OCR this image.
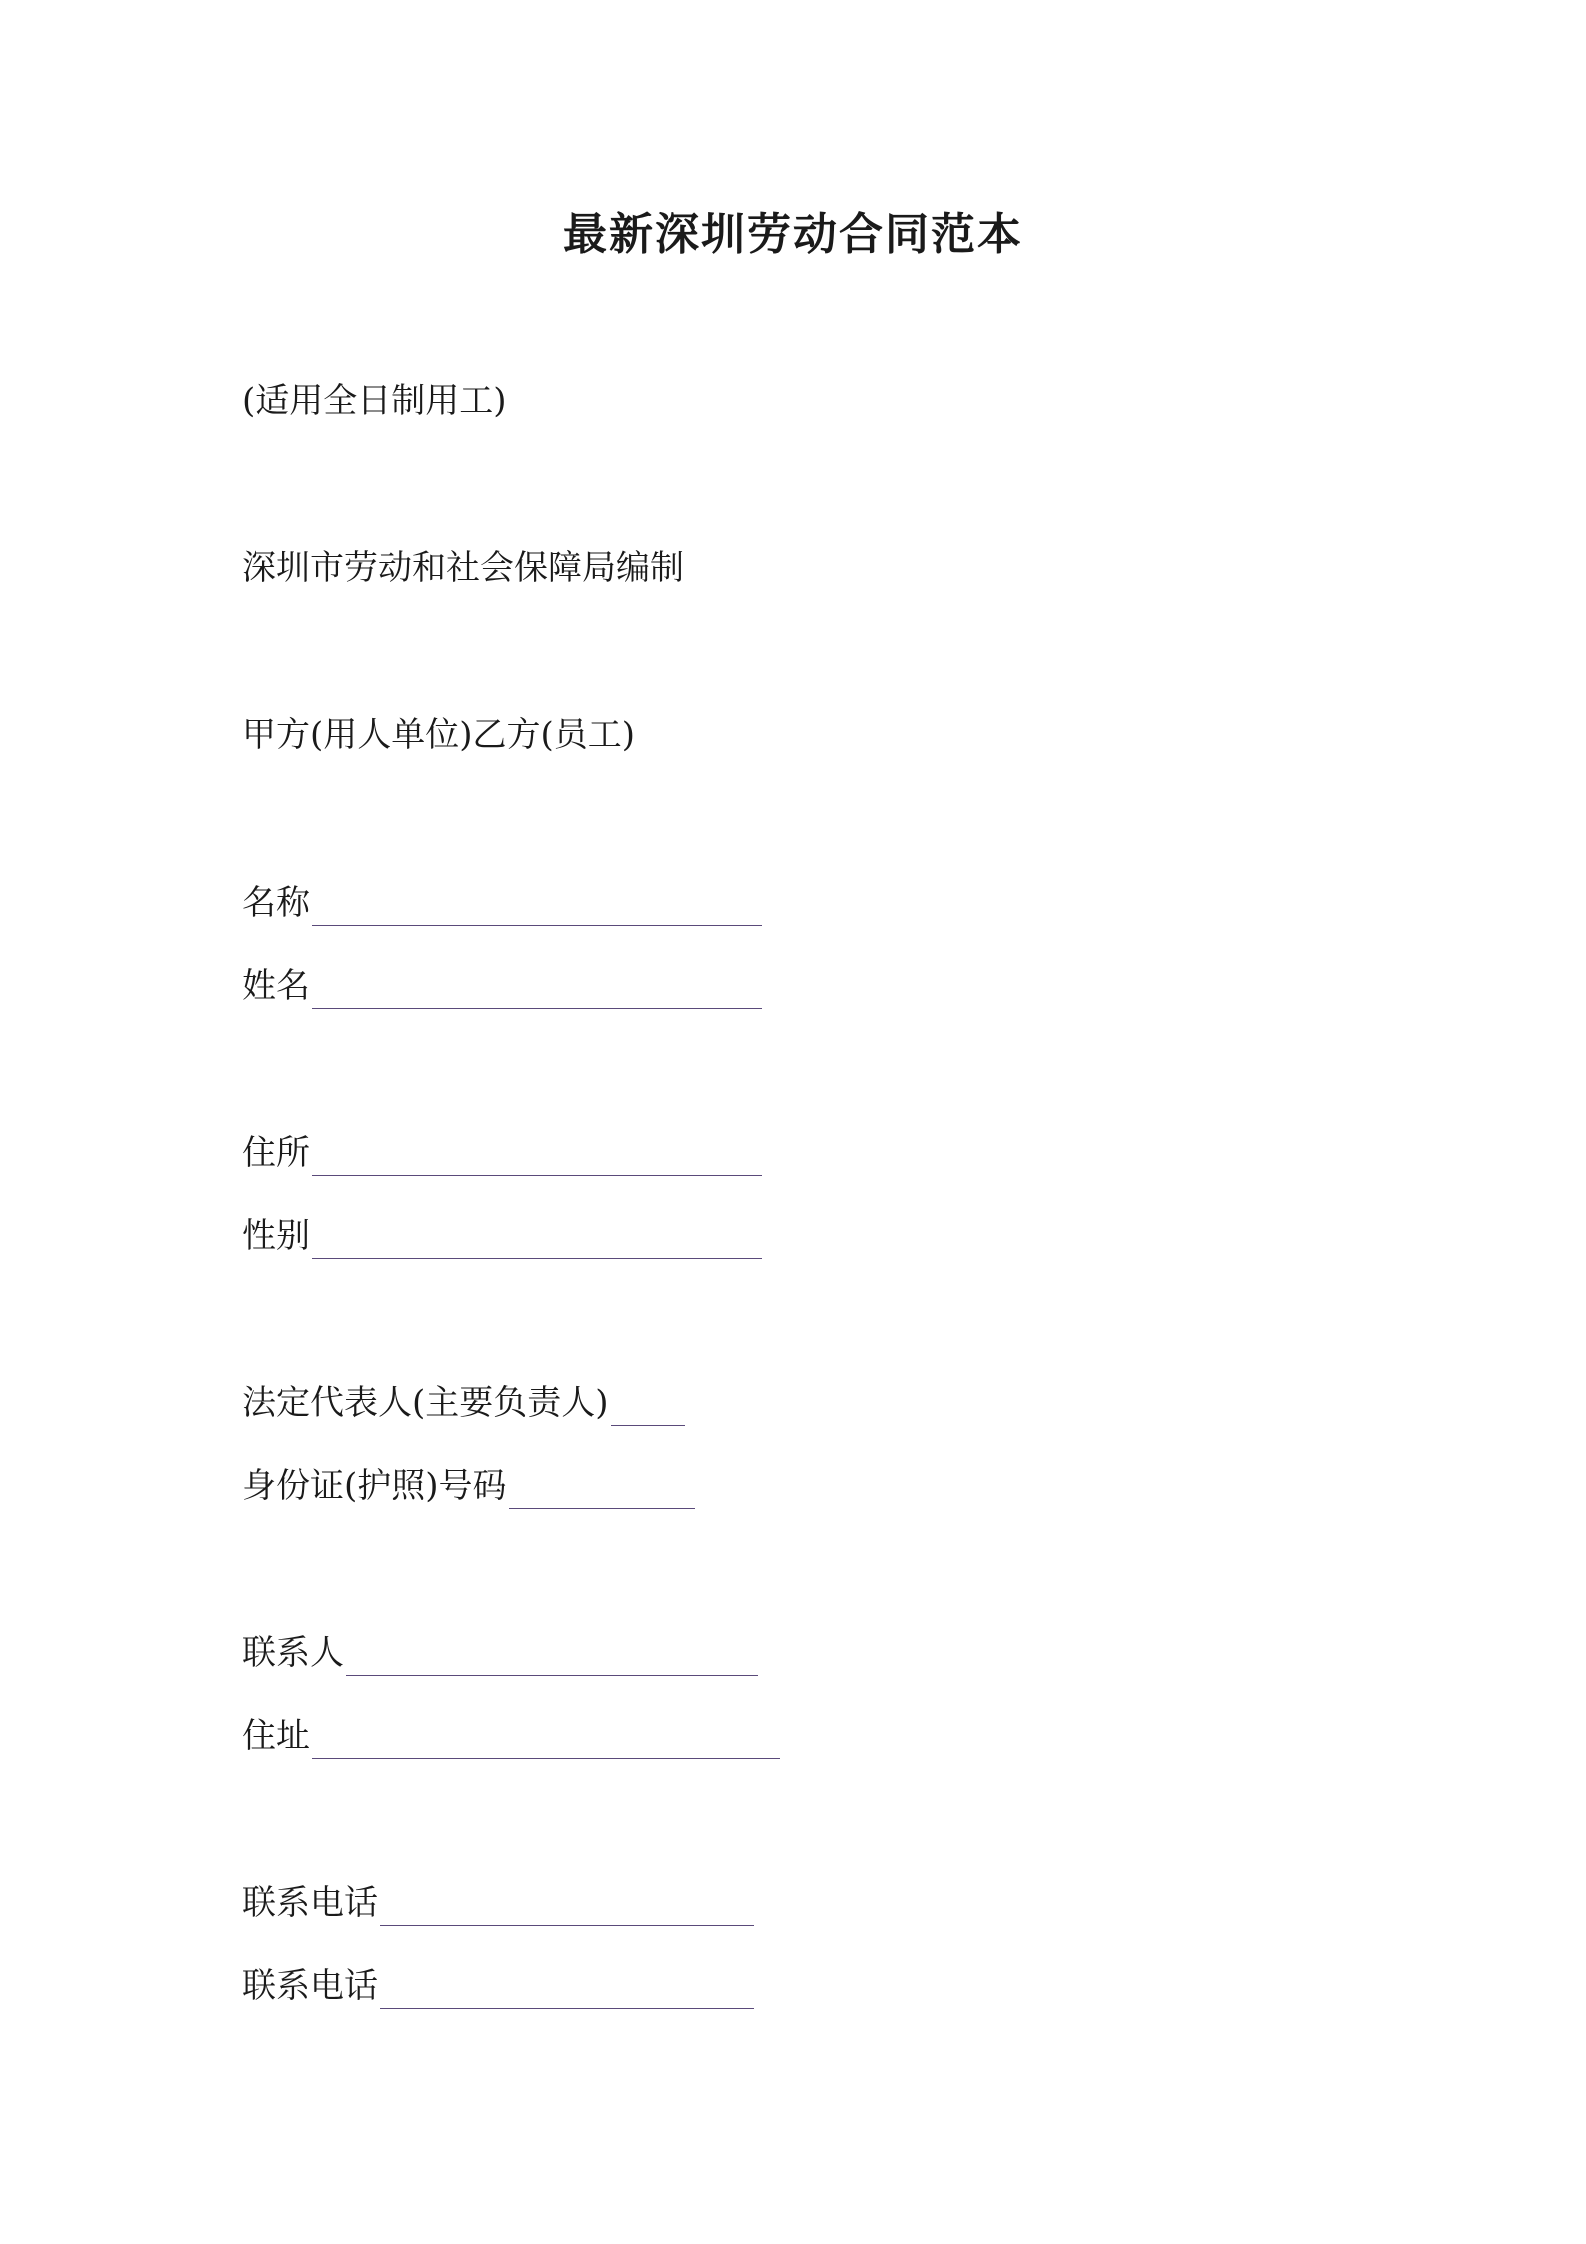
最新深圳劳动合同范本
(适用全日制用工)
深圳市劳动和社会保障局编制
甲方(用人单位)乙方(员工)
名称
姓名
住所
性别
法定代表人(主要负责人)
身份证(护照)号码
联系人
住址
联系电话
联系电话
